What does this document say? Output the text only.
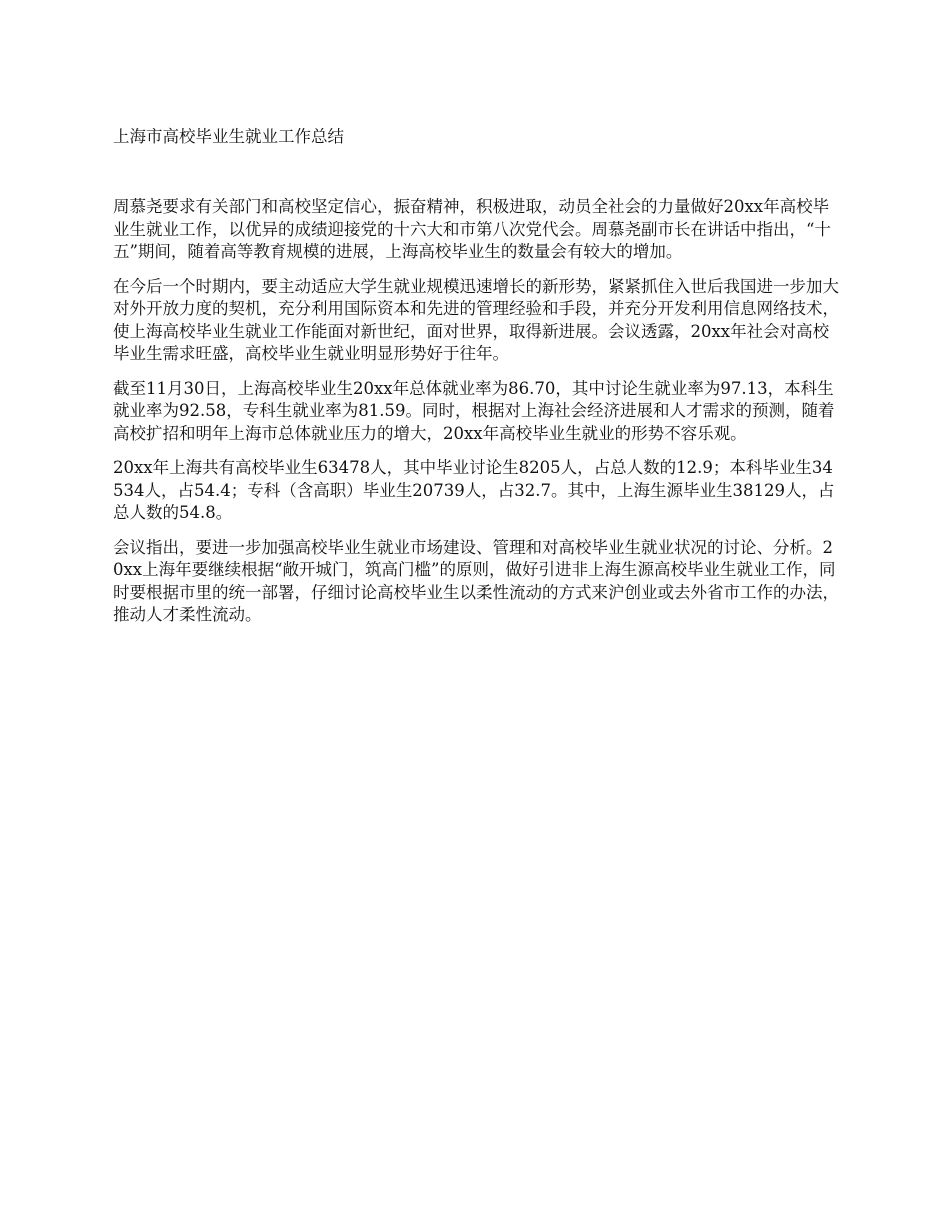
上海市高校毕业生就业工作总结

周慕尧要求有关部门和高校坚定信心，振奋精神，积极进取，动员全社会的力量做好20xx年高校毕业生就业工作，以优异的成绩迎接党的十六大和市第八次党代会。周慕尧副市长在讲话中指出，“十五”期间，随着高等教育规模的进展，上海高校毕业生的数量会有较大的增加。

在今后一个时期内，要主动适应大学生就业规模迅速增长的新形势，紧紧抓住入世后我国进一步加大对外开放力度的契机，充分利用国际资本和先进的管理经验和手段，并充分开发利用信息网络技术，使上海高校毕业生就业工作能面对新世纪，面对世界，取得新进展。会议透露，20xx年社会对高校毕业生需求旺盛，高校毕业生就业明显形势好于往年。

截至11月30日，上海高校毕业生20xx年总体就业率为86.70，其中讨论生就业率为97.13，本科生就业率为92.58，专科生就业率为81.59。同时，根据对上海社会经济进展和人才需求的预测，随着高校扩招和明年上海市总体就业压力的增大，20xx年高校毕业生就业的形势不容乐观。

20xx年上海共有高校毕业生63478人，其中毕业讨论生8205人，占总人数的12.9；本科毕业生34534人，占54.4；专科（含高职）毕业生20739人，占32.7。其中，上海生源毕业生38129人，占总人数的54.8。

会议指出，要进一步加强高校毕业生就业市场建设、管理和对高校毕业生就业状况的讨论、分析。20xx上海年要继续根据“敞开城门，筑高门槛”的原则，做好引进非上海生源高校毕业生就业工作，同时要根据市里的统一部署，仔细讨论高校毕业生以柔性流动的方式来沪创业或去外省市工作的办法，推动人才柔性流动。
